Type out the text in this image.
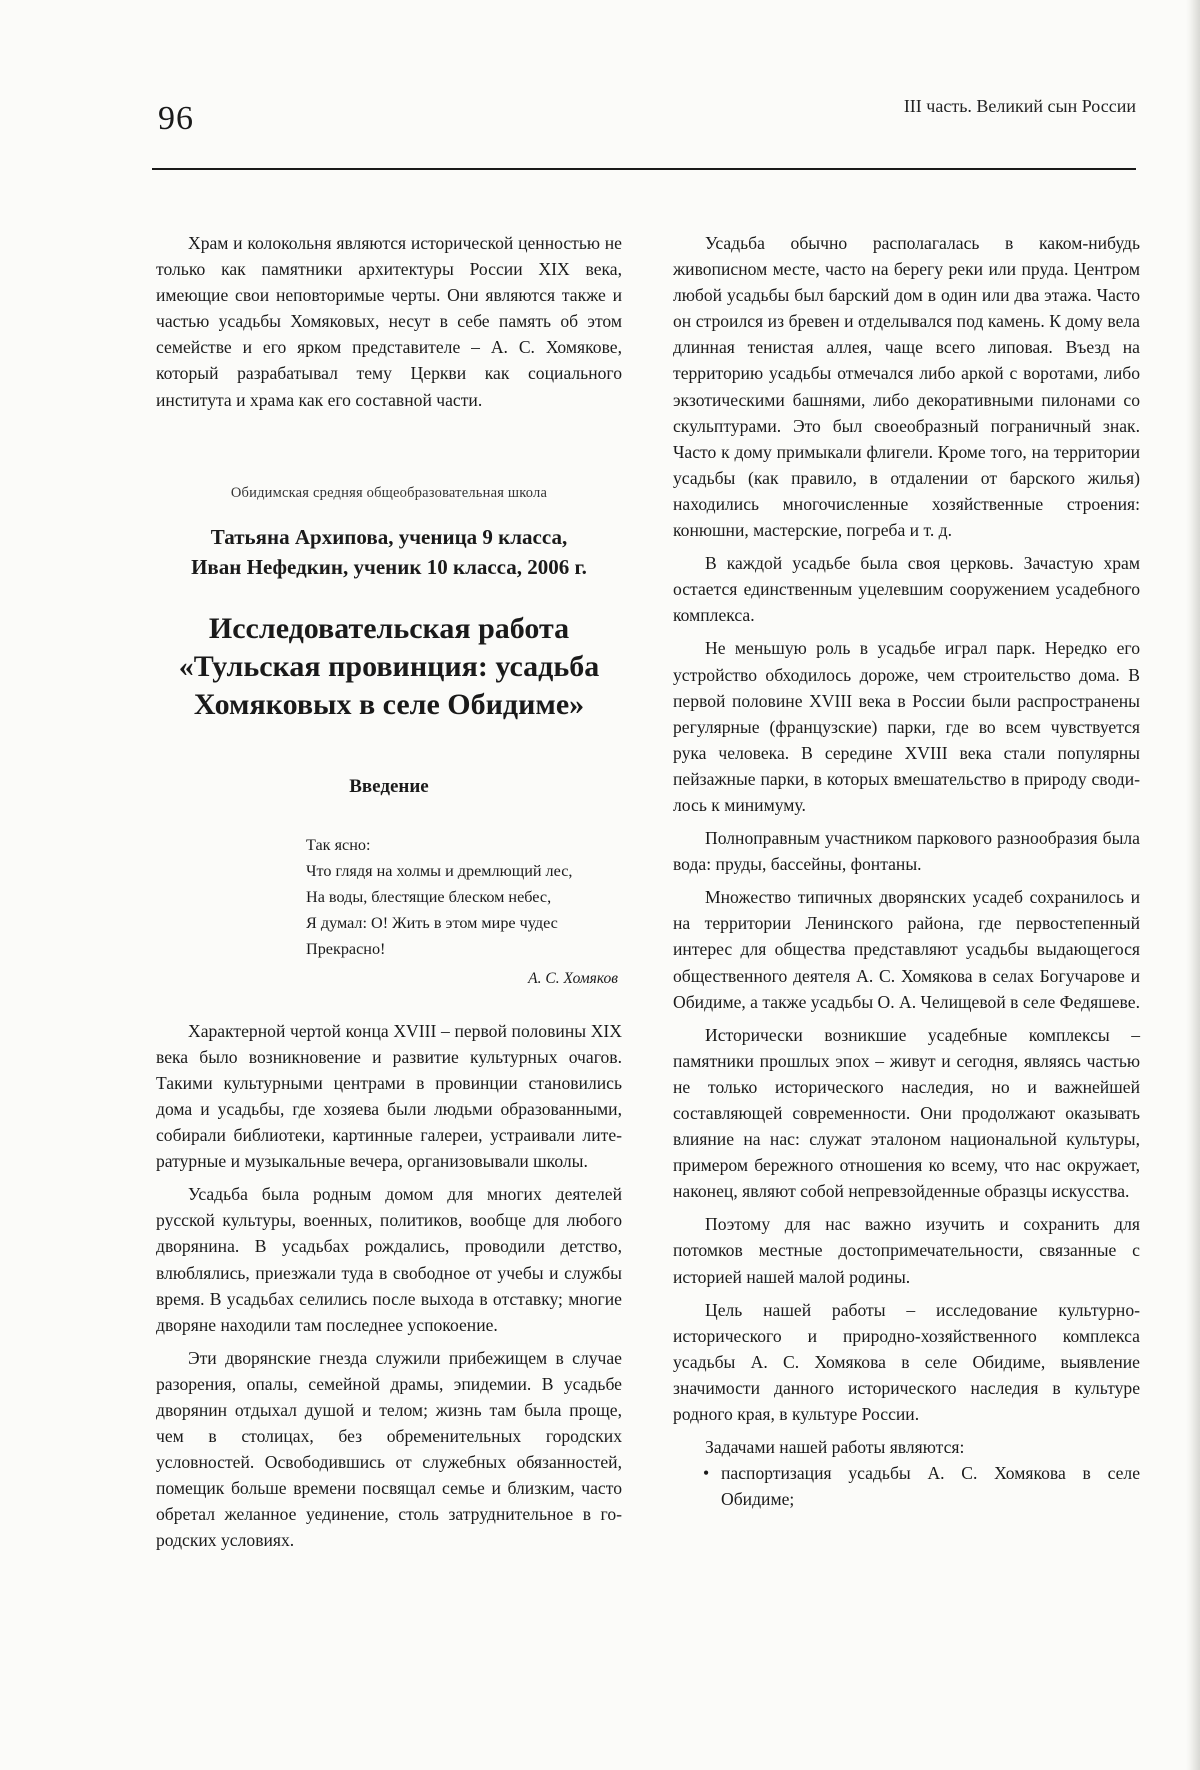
96	III часть. Великий сын России

Храм и колокольня являются исторической ценностью не только как памятники архитектуры России XIX века, имеющие свои неповторимые черты. Они являются также и частью усадьбы Хомяковых, несут в себе память об этом семействе и его ярком представителе – А. С. Хомякове, который разрабатывал тему Церкви как социального института и храма как его составной части.

Обидимская средняя общеобразовательная школа
Татьяна Архипова, ученица 9 класса,
Иван Нефедкин, ученик 10 класса, 2006 г.
Исследовательская работа
«Тульская провинция: усадьба
Хомяковых в селе Обидиме»
Введение
Так ясно:
Что глядя на холмы и дремлющий лес,
На воды, блестящие блеском небес,
Я думал: О! Жить в этом мире чудес
Прекрасно!
А. С. Хомяков

Характерной чертой конца XVIII – первой половины XIX века было возникновение и развитие культурных очагов. Такими культурными центрами в провинции становились дома и усадьбы, где хозяева были людьми образованными, собирали библиотеки, картинные галереи, устраивали литературные и музыкальные вечера, организовывали школы.

Усадьба была родным домом для многих деятелей русской культуры, военных, политиков, вообще для любого дворянина. В усадьбах рождались, проводили детство, влюблялись, приезжали туда в свободное от учебы и службы время. В усадьбах селились после выхода в отставку; многие дворяне находили там последнее успокоение.

Эти дворянские гнезда служили прибежищем в случае разорения, опалы, семейной драмы, эпидемии. В усадьбе дворянин отдыхал душой и телом; жизнь там была проще, чем в столицах, без обременительных городских условностей. Освободившись от служебных обязанностей, помещик больше времени посвящал семье и близким, часто обретал желанное уединение, столь затруднительное в городских условиях.

Усадьба обычно располагалась в каком-нибудь живописном месте, часто на берегу реки или пруда. Центром любой усадьбы был барский дом в один или два этажа. Часто он строился из бревен и отделывался под камень. К дому вела длинная тенистая аллея, чаще всего липовая. Въезд на территорию усадьбы отмечался либо аркой с воротами, либо экзотическими башнями, либо декоративными пилонами со скульптурами. Это был своеобразный пограничный знак. Часто к дому примыкали флигели. Кроме того, на территории усадьбы (как правило, в отдалении от барского жилья) находились многочисленные хозяйственные строения: конюшни, мастерские, погреба и т. д.

В каждой усадьбе была своя церковь. Зачастую храм остается единственным уцелевшим сооружением усадебного комплекса.

Не меньшую роль в усадьбе играл парк. Нередко его устройство обходилось дороже, чем строительство дома. В первой половине XVIII века в России были распространены регулярные (французские) парки, где во всем чувствуется рука человека. В середине XVIII века стали популярны пейзажные парки, в которых вмешательство в природу сводилось к минимуму.

Полноправным участником паркового разнообразия была вода: пруды, бассейны, фонтаны.

Множество типичных дворянских усадеб сохранилось и на территории Ленинского района, где первостепенный интерес для общества представляют усадьбы выдающегося общественного деятеля А. С. Хомякова в селах Богучарове и Обидиме, а также усадьбы О. А. Челищевой в селе Федяшеве.

Исторически возникшие усадебные комплексы – памятники прошлых эпох – живут и сегодня, являясь частью не только исторического наследия, но и важнейшей составляющей современности. Они продолжают оказывать влияние на нас: служат эталоном национальной культуры, примером бережного отношения ко всему, что нас окружает, наконец, являют собой непревзойденные образцы искусства.

Поэтому для нас важно изучить и сохранить для потомков местные достопримечательности, связанные с историей нашей малой родины.

Цель нашей работы – исследование культурно-исторического и природно-хозяйственного комплекса усадьбы А. С. Хомякова в селе Обидиме, выявление значимости данного исторического наследия в культуре родного края, в культуре России.

Задачами нашей работы являются:

• паспортизация усадьбы А. С. Хомякова в селе Обидиме;
